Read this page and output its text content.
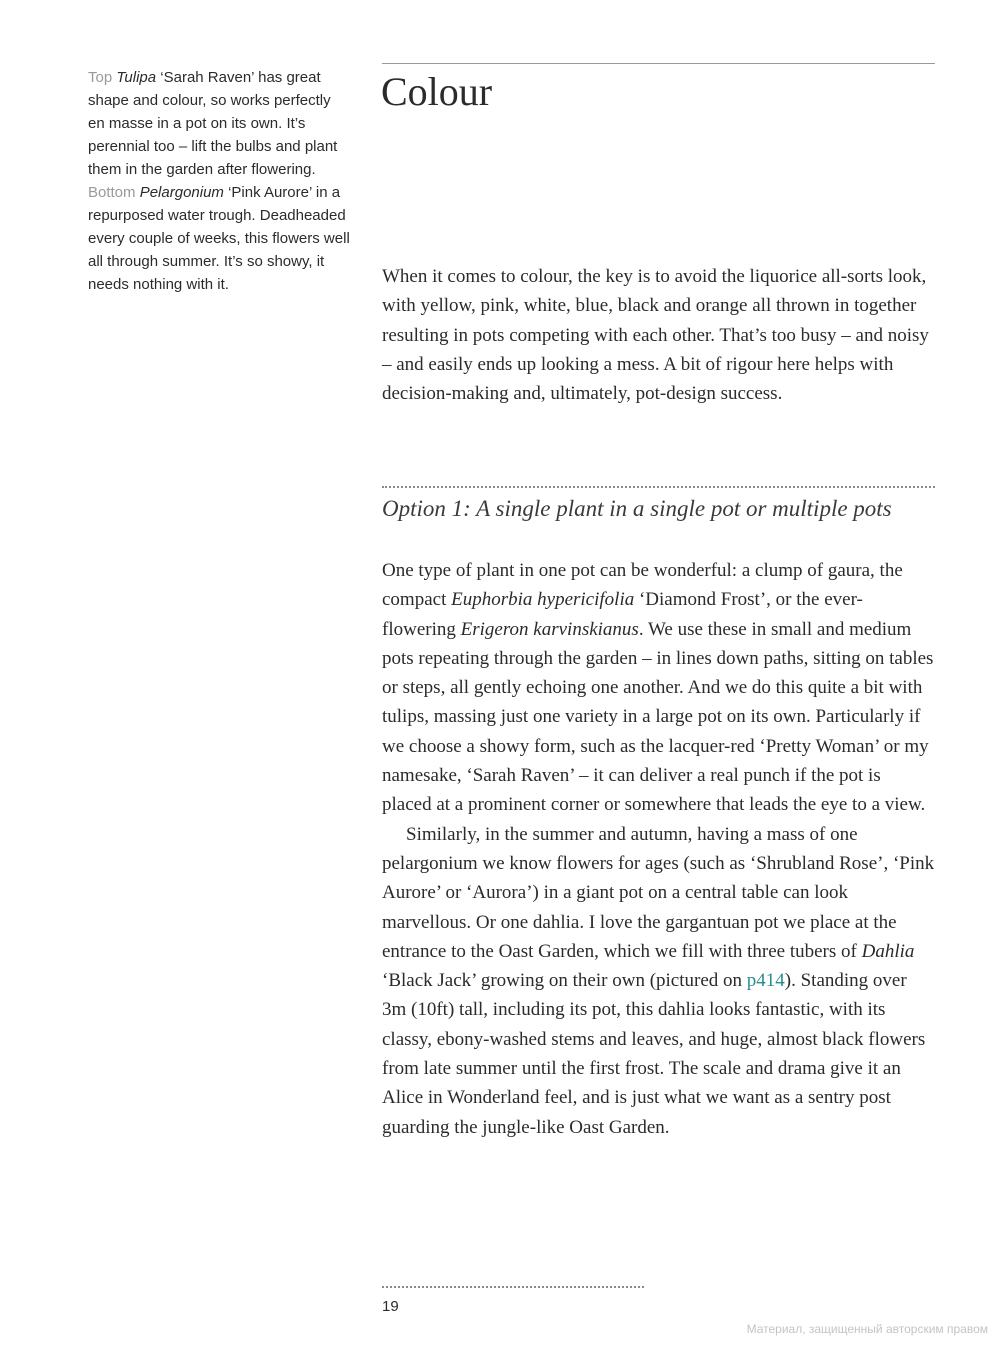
Top Tulipa ‘Sarah Raven’ has great shape and colour, so works perfectly en masse in a pot on its own. It’s perennial too – lift the bulbs and plant them in the garden after flowering.

Bottom Pelargonium ‘Pink Aurore’ in a repurposed water trough. Deadheaded every couple of weeks, this flowers well all through summer. It’s so showy, it needs nothing with it.

Colour

When it comes to colour, the key is to avoid the liquorice all-sorts look, with yellow, pink, white, blue, black and orange all thrown in together resulting in pots competing with each other. That’s too busy – and noisy – and easily ends up looking a mess. A bit of rigour here helps with decision-making and, ultimately, pot-design success.

Option 1: A single plant in a single pot or multiple pots

One type of plant in one pot can be wonderful: a clump of gaura, the compact Euphorbia hypericifolia ‘Diamond Frost’, or the ever-flowering Erigeron karvinskianus. We use these in small and medium pots repeating through the garden – in lines down paths, sitting on tables or steps, all gently echoing one another. And we do this quite a bit with tulips, massing just one variety in a large pot on its own. Particularly if we choose a showy form, such as the lacquer-red ‘Pretty Woman’ or my namesake, ‘Sarah Raven’ – it can deliver a real punch if the pot is placed at a prominent corner or somewhere that leads the eye to a view.

Similarly, in the summer and autumn, having a mass of one pelargonium we know flowers for ages (such as ‘Shrubland Rose’, ‘Pink Aurore’ or ‘Aurora’) in a giant pot on a central table can look marvellous. Or one dahlia. I love the gargantuan pot we place at the entrance to the Oast Garden, which we fill with three tubers of Dahlia ‘Black Jack’ growing on their own (pictured on p414). Standing over 3m (10ft) tall, including its pot, this dahlia looks fantastic, with its classy, ebony-washed stems and leaves, and huge, almost black flowers from late summer until the first frost. The scale and drama give it an Alice in Wonderland feel, and is just what we want as a sentry post guarding the jungle-like Oast Garden.

19
Материал, защищенный авторским правом
